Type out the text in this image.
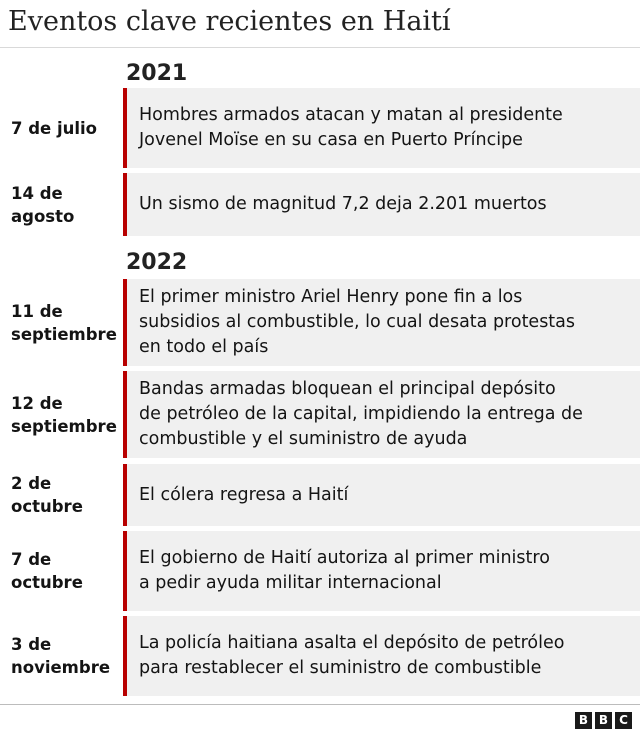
Eventos clave recientes en Haití
2021
7 de julio
Hombres armados atacan y matan al presidente
Jovenel Moïse en su casa en Puerto Príncipe
14 de
agosto
Un sismo de magnitud 7,2 deja 2.201 muertos
2022
11 de
septiembre
El primer ministro Ariel Henry pone fin a los
subsidios al combustible, lo cual desata protestas
en todo el país
12 de
septiembre
Bandas armadas bloquean el principal depósito
de petróleo de la capital, impidiendo la entrega de
combustible y el suministro de ayuda
2 de
octubre
El cólera regresa a Haití
7 de
octubre
El gobierno de Haití autoriza al primer ministro
a pedir ayuda militar internacional
3 de
noviembre
La policía haitiana asalta el depósito de petróleo
para restablecer el suministro de combustible
B B C
